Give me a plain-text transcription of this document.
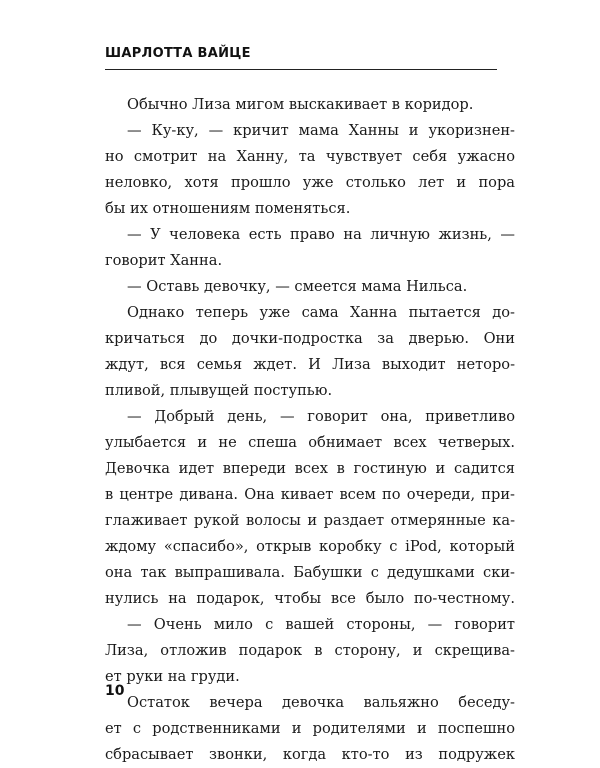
ШАРЛОТТА ВАЙЦЕ
Обычно Лиза мигом выскакивает в коридор.
— Ку-ку, — кричит мама Ханны и укоризнен-
но смотрит на Ханну, та чувствует себя ужасно
неловко, хотя прошло уже столько лет и пора
бы их отношениям поменяться.
— У человека есть право на личную жизнь, —
говорит Ханна.
— Оставь девочку, — смеется мама Нильса.
Однако теперь уже сама Ханна пытается до-
кричаться до дочки-подростка за дверью. Они
ждут, вся семья ждет. И Лиза выходит неторо-
пливой, плывущей поступью.
— Добрый день, — говорит она, приветливо
улыбается и не спеша обнимает всех четверых.
Девочка идет впереди всех в гостиную и садится
в центре дивана. Она кивает всем по очереди, при-
глаживает рукой волосы и раздает отмерянные ка-
ждому «спасибо», открыв коробку с iPod, который
она так выпрашивала. Бабушки с дедушками ски-
нулись на подарок, чтобы все было по-честному.
— Очень мило с вашей стороны, — говорит
Лиза, отложив подарок в сторону, и скрещива-
ет руки на груди.
Остаток вечера девочка вальяжно беседу-
ет с родственниками и родителями и поспешно
сбрасывает звонки, когда кто-то из подружек
10
